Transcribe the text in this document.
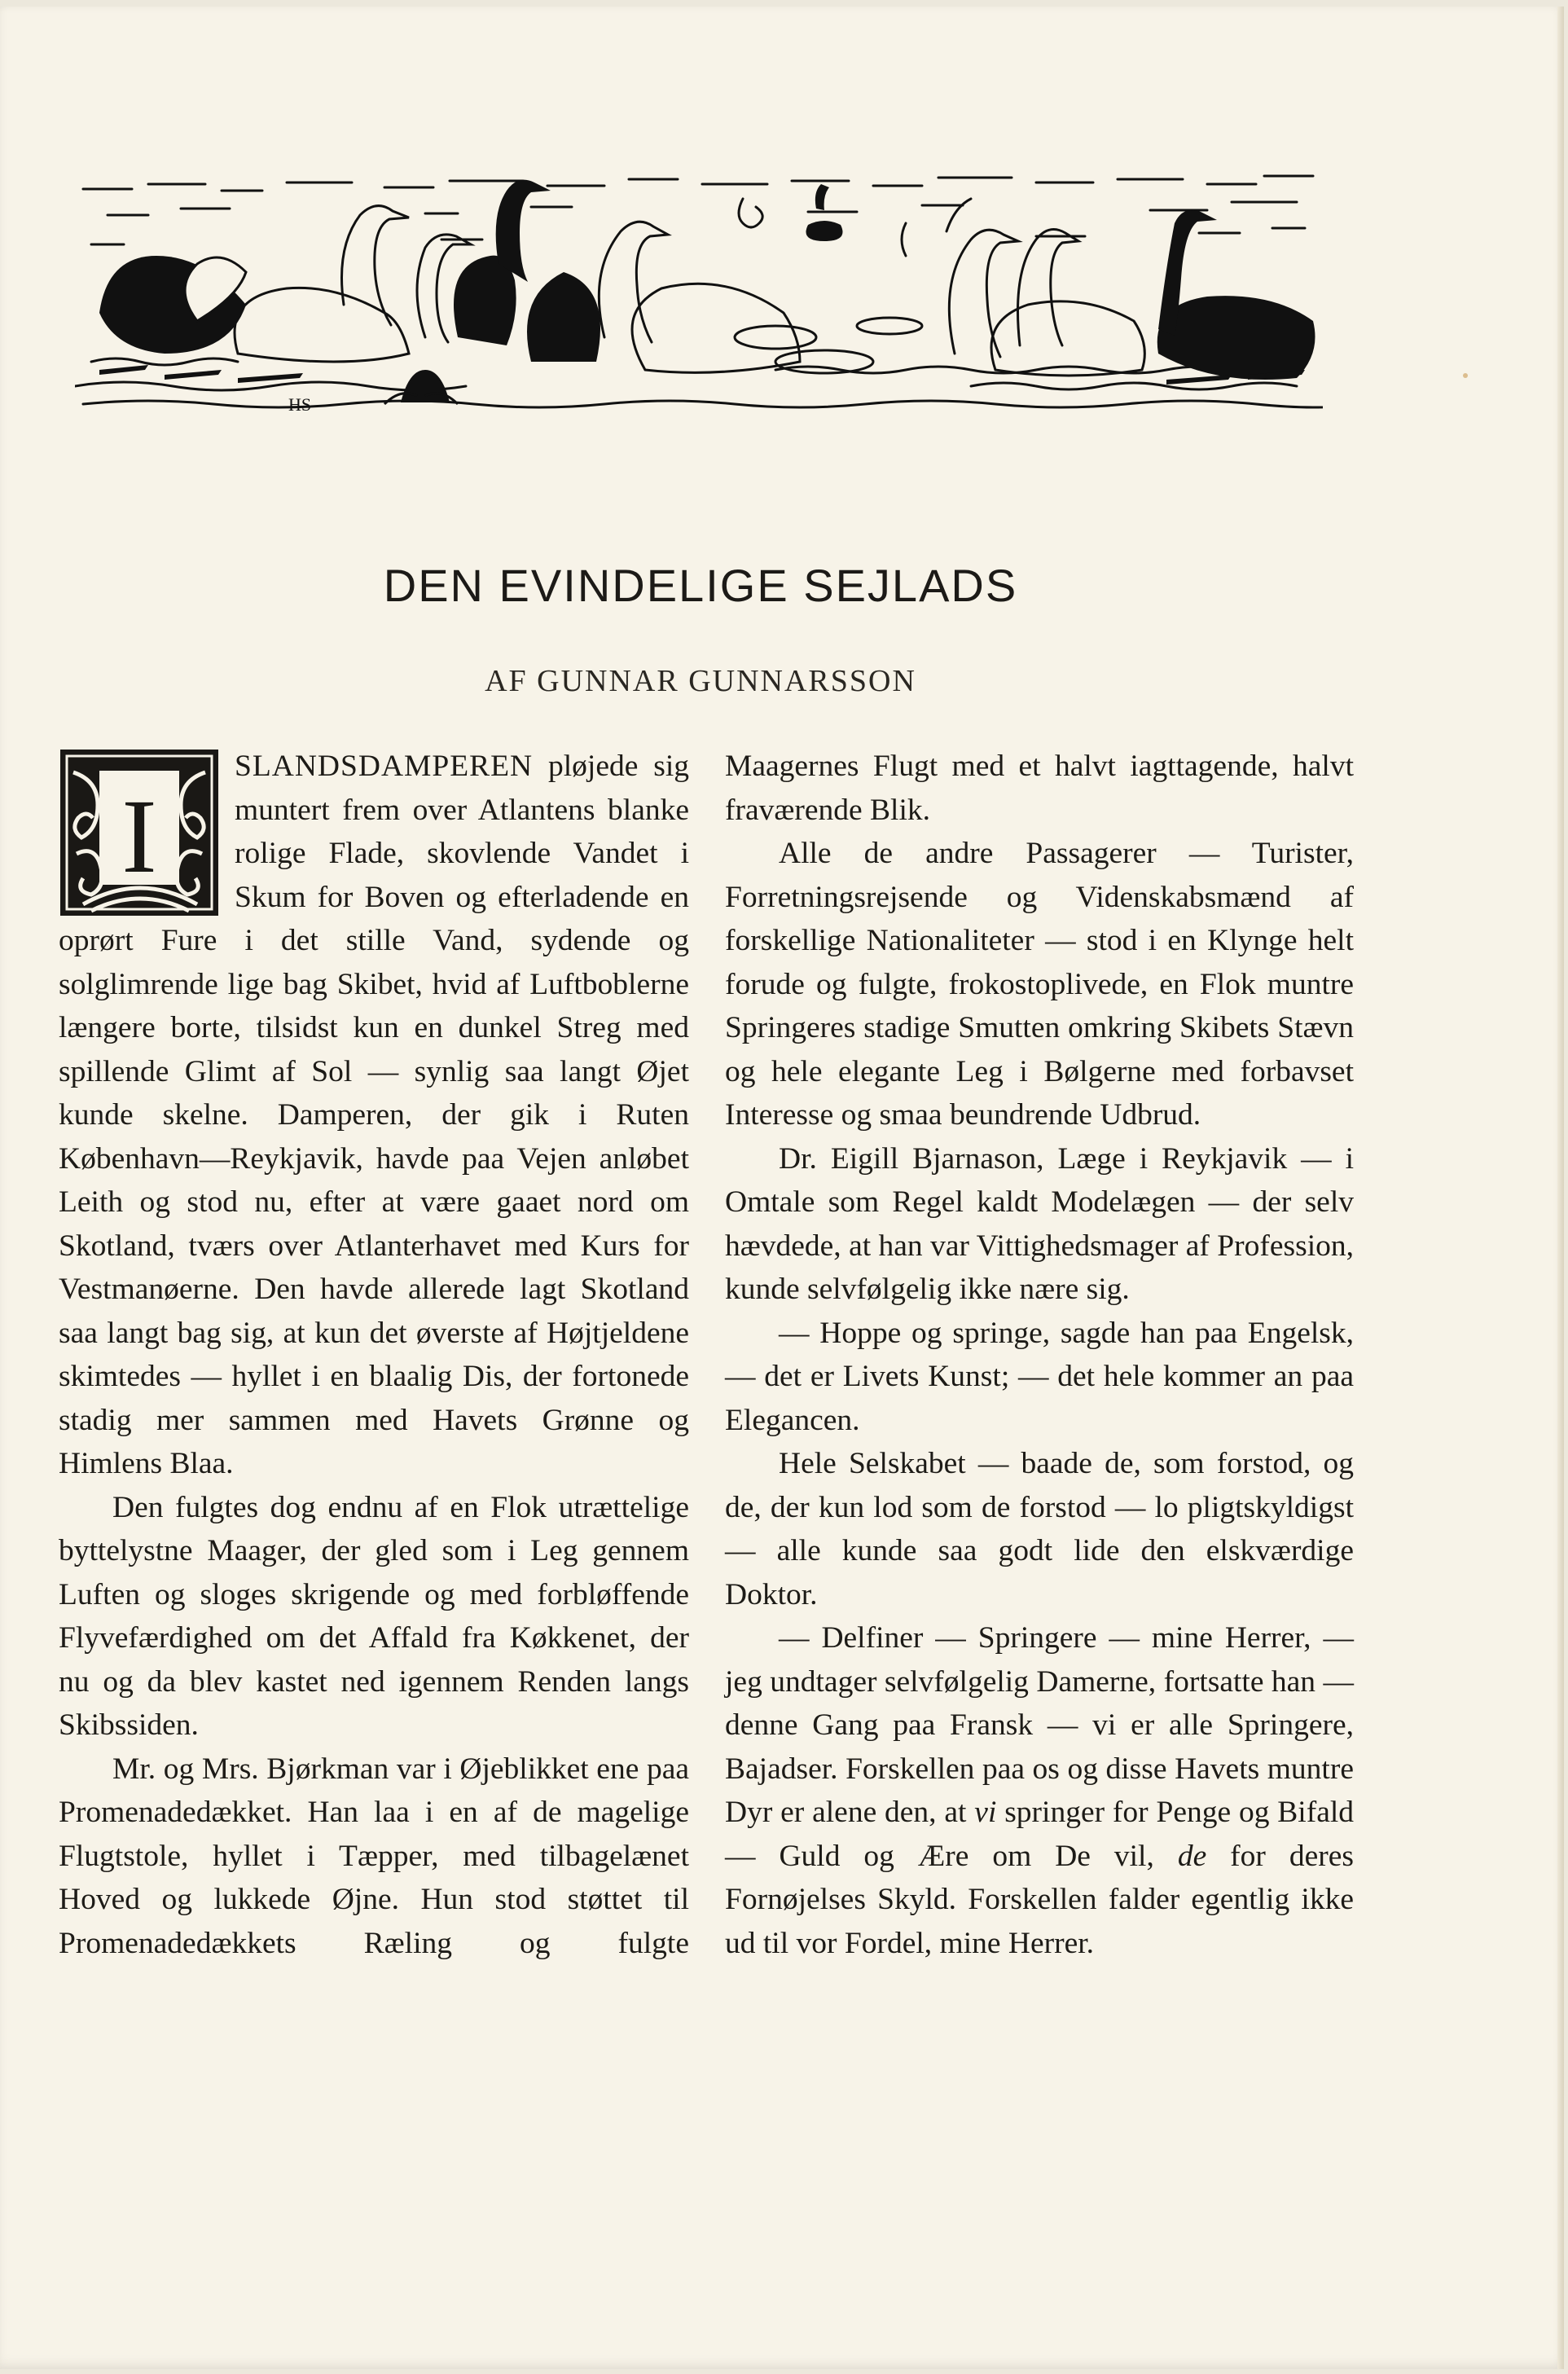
HS
DEN EVINDELIGE SEJLADS
AF GUNNAR GUNNARSSON

I
SLANDSDAMPEREN pløjede sig muntert frem over Atlantens blanke rolige Flade, skovlende Vandet i Skum for Boven og efterladende en oprørt Fure i det stille Vand, sydende og solglimrende lige bag Skibet, hvid af Luftboblerne længere borte, tilsidst kun en dunkel Streg med spillende Glimt af Sol — synlig saa langt Øjet kunde skelne. Damperen, der gik i Ruten København—Reykjavik, havde paa Vejen anløbet Leith og stod nu, efter at være gaaet nord om Skotland, tværs over Atlanterhavet med Kurs for Vestmanøerne. Den havde allerede lagt Skotland saa langt bag sig, at kun det øverste af Højtjeldene skimtedes — hyllet i en blaalig Dis, der fortonede stadig mer sammen med Havets Grønne og Himlens Blaa.

Den fulgtes dog endnu af en Flok utrættelige byttelystne Maager, der gled som i Leg gennem Luften og sloges skrigende og med forbløffende Flyvefærdighed om det Affald fra Køkkenet, der nu og da blev kastet ned igennem Renden langs Skibssiden.

Mr. og Mrs. Bjørkman var i Øjeblikket ene paa Promenadedækket. Han laa i en af de magelige Flugtstole, hyllet i Tæpper, med tilbagelænet Hoved og lukkede Øjne. Hun stod støttet til Promenadedækkets Ræling og fulgte

Maagernes Flugt med et halvt iagttagende, halvt fraværende Blik.

Alle de andre Passagerer — Turister, Forretningsrejsende og Videnskabsmænd af forskellige Nationaliteter — stod i en Klynge helt forude og fulgte, frokostoplivede, en Flok muntre Springeres stadige Smutten omkring Skibets Stævn og hele elegante Leg i Bølgerne med forbavset Interesse og smaa beundrende Udbrud.

Dr. Eigill Bjarnason, Læge i Reykjavik — i Omtale som Regel kaldt Modelægen — der selv hævdede, at han var Vittighedsmager af Profession, kunde selvfølgelig ikke nære sig.

— Hoppe og springe, sagde han paa Engelsk, — det er Livets Kunst; — det hele kommer an paa Elegancen.

Hele Selskabet — baade de, som forstod, og de, der kun lod som de forstod — lo pligtskyldigst — alle kunde saa godt lide den elskværdige Doktor.

— Delfiner — Springere — mine Herrer, — jeg undtager selvfølgelig Damerne, fortsatte han — denne Gang paa Fransk — vi er alle Springere, Bajadser. Forskellen paa os og disse Havets muntre Dyr er alene den, at vi springer for Penge og Bifald — Guld og Ære om De vil, de for deres Fornøjelses Skyld. Forskellen falder egentlig ikke ud til vor Fordel, mine Herrer.
